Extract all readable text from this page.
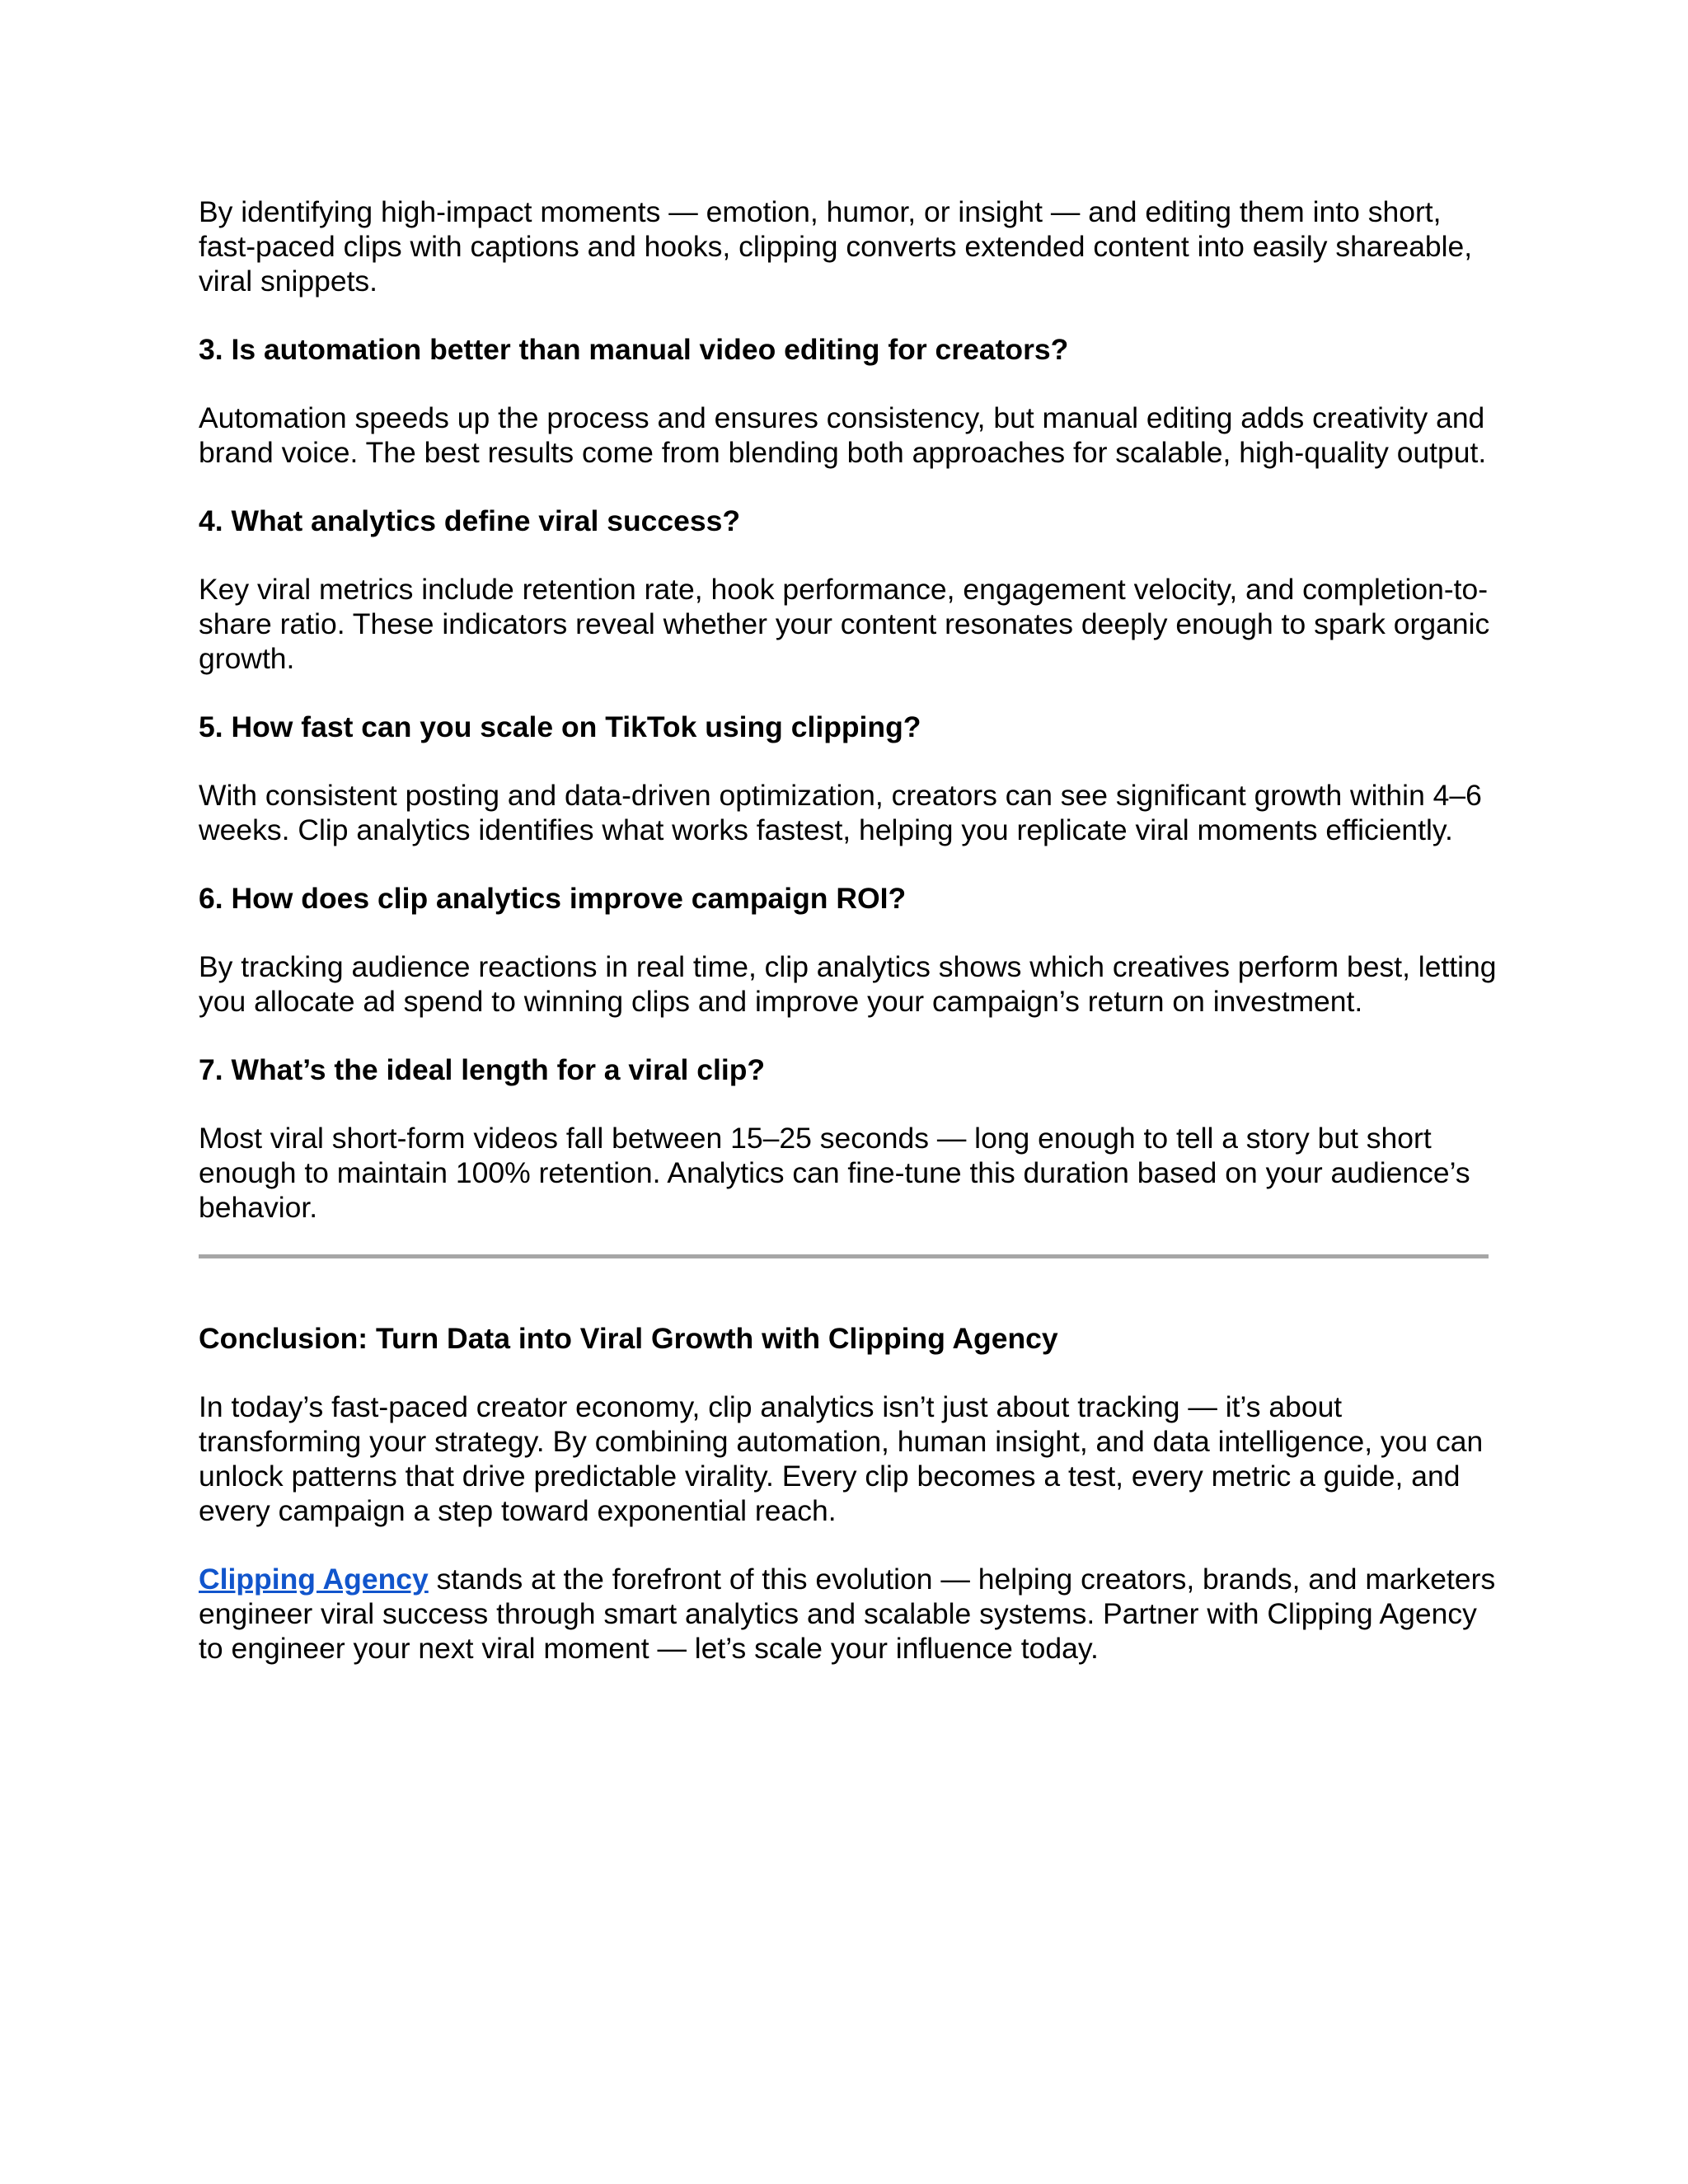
By identifying high-impact moments — emotion, humor, or insight — and editing them into short, fast-paced clips with captions and hooks, clipping converts extended content into easily shareable, viral snippets.

3. Is automation better than manual video editing for creators?

Automation speeds up the process and ensures consistency, but manual editing adds creativity and brand voice. The best results come from blending both approaches for scalable, high-quality output.

4. What analytics define viral success?

Key viral metrics include retention rate, hook performance, engagement velocity, and completion-to-share ratio. These indicators reveal whether your content resonates deeply enough to spark organic growth.

5. How fast can you scale on TikTok using clipping?

With consistent posting and data-driven optimization, creators can see significant growth within 4–6 weeks. Clip analytics identifies what works fastest, helping you replicate viral moments efficiently.

6. How does clip analytics improve campaign ROI?

By tracking audience reactions in real time, clip analytics shows which creatives perform best, letting you allocate ad spend to winning clips and improve your campaign’s return on investment.

7. What’s the ideal length for a viral clip?

Most viral short-form videos fall between 15–25 seconds — long enough to tell a story but short enough to maintain 100% retention. Analytics can fine-tune this duration based on your audience’s behavior.

Conclusion: Turn Data into Viral Growth with Clipping Agency

In today’s fast-paced creator economy, clip analytics isn’t just about tracking — it’s about transforming your strategy. By combining automation, human insight, and data intelligence, you can unlock patterns that drive predictable virality. Every clip becomes a test, every metric a guide, and every campaign a step toward exponential reach.

Clipping Agency stands at the forefront of this evolution — helping creators, brands, and marketers engineer viral success through smart analytics and scalable systems. Partner with Clipping Agency to engineer your next viral moment — let’s scale your influence today.
